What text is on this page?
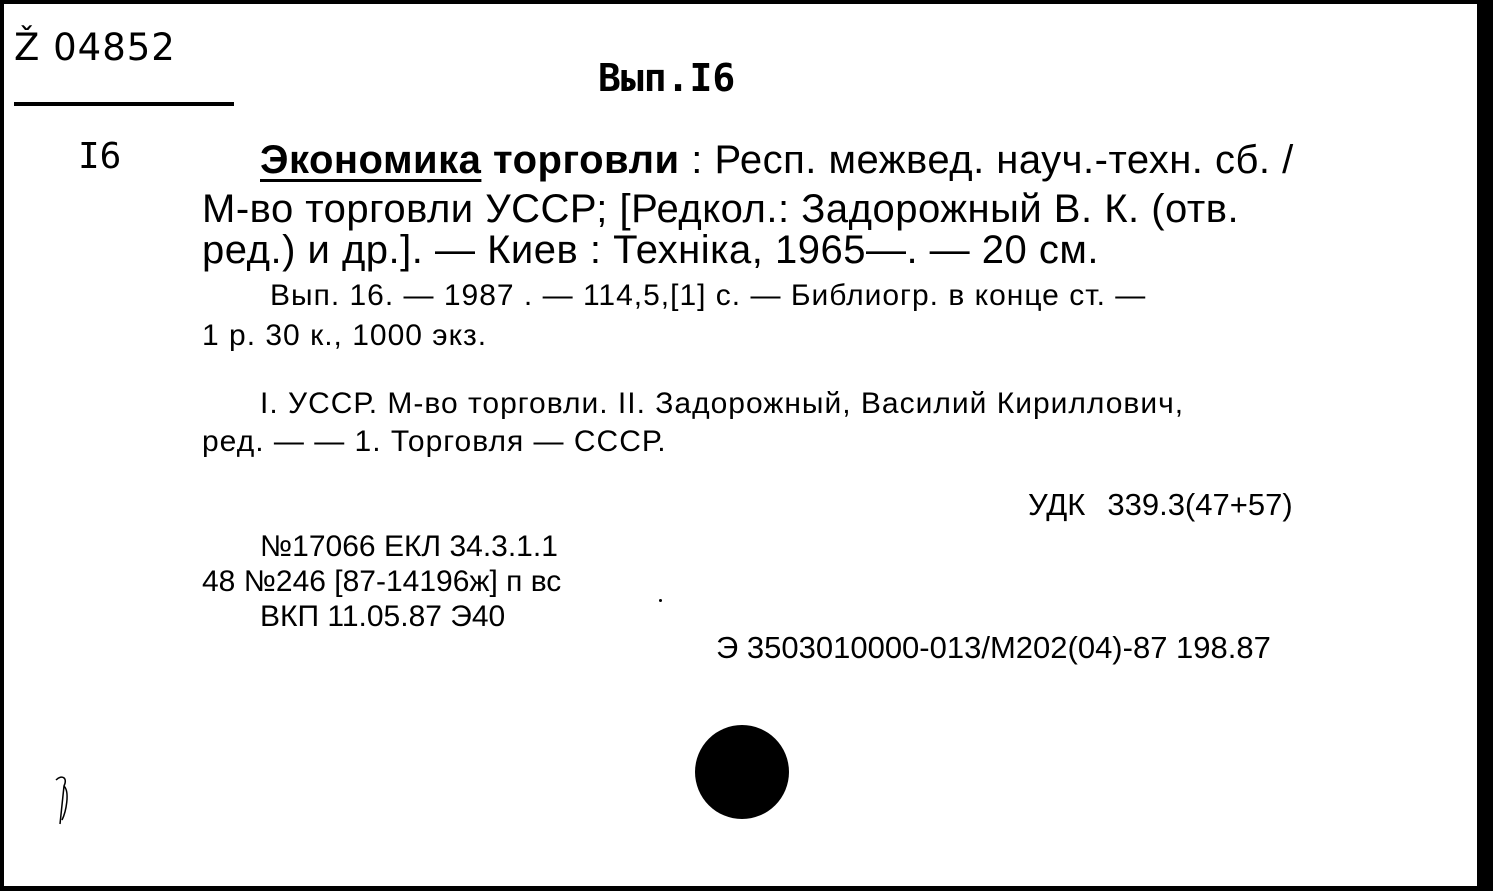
Ž 04852
Вып.I6
I6	Экономика торговли : Респ. межвед. науч.-техн. сб. /
М-во торговли УССР; [Редкол.: Задорожный В. К. (отв.
ред.) и др.]. — Киев : Техніка, 1965—. — 20 см.
Вып. 16. — 1987 . — 114,5,[1] с. — Библиогр. в конце ст. —
1 р. 30 к., 1000 экз.
I. УССР. М-во торговли. II. Задорожный, Василий Кириллович,
ред. — — 1. Торговля — СССР.
УДК 339.3(47+57)
№17066 ЕКЛ 34.3.1.1
48 №246 [87-14196ж] п вс
ВКП 11.05.87 Э40
Э 3503010000-013/М202(04)-87 198.87
